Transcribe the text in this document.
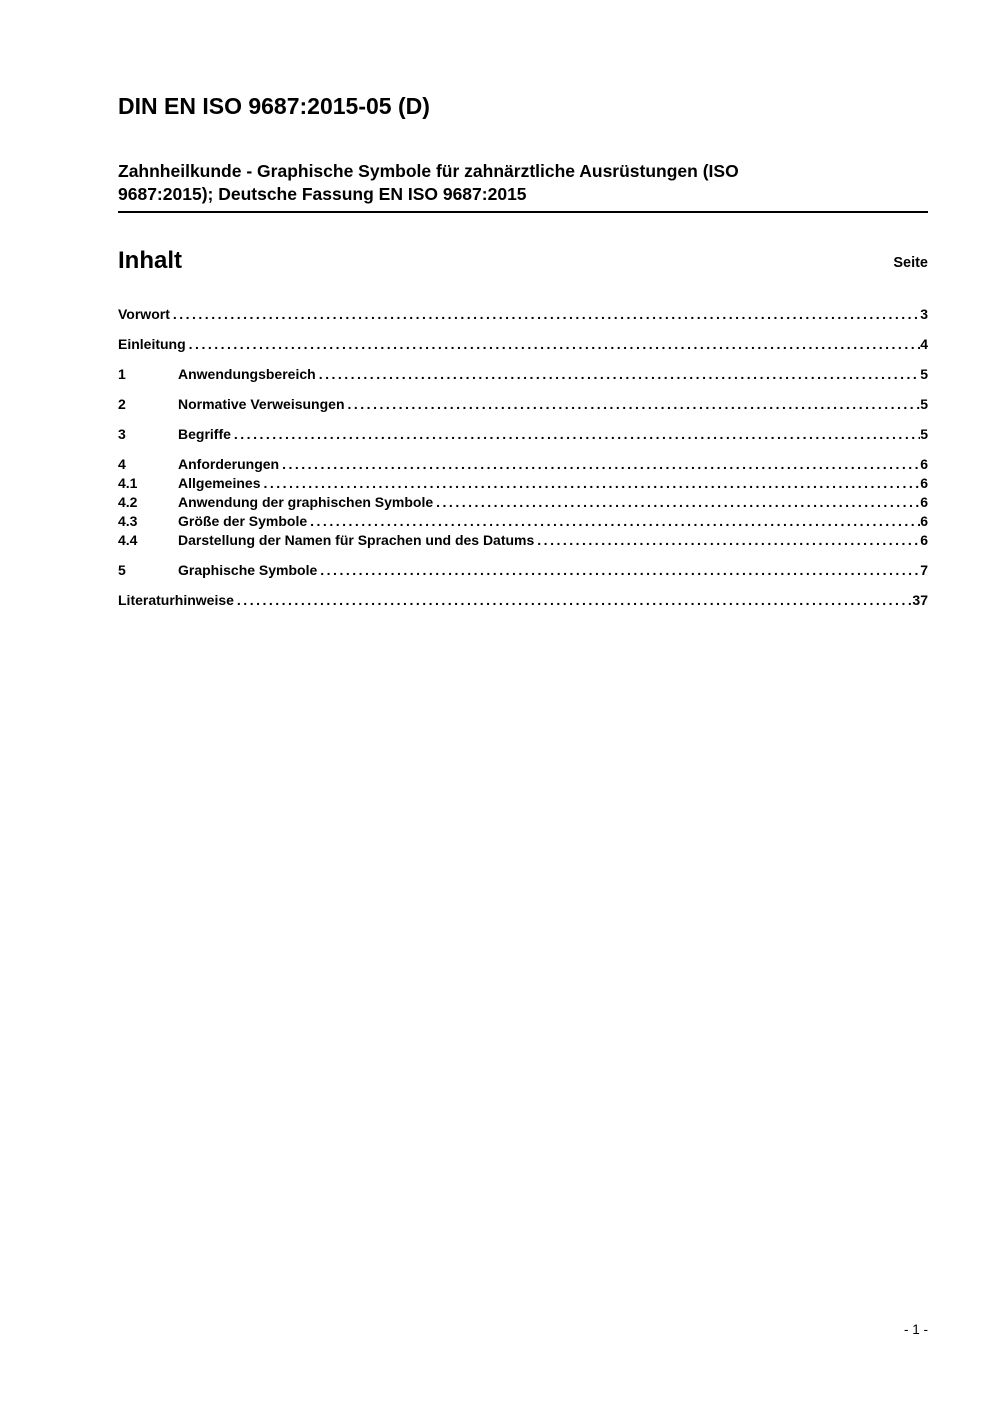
DIN EN ISO 9687:2015-05 (D)
Zahnheilkunde - Graphische Symbole für zahnärztliche Ausrüstungen (ISO
9687:2015); Deutsche Fassung EN ISO 9687:2015
Inhalt	Seite
Vorwort .....	3
Einleitung .....	4
1	Anwendungsbereich .....	5
2	Normative Verweisungen .....	5
3	Begriffe .....	5
4	Anforderungen .....	6
4.1	Allgemeines .....	6
4.2	Anwendung der graphischen Symbole .....	6
4.3	Größe der Symbole .....	6
4.4	Darstellung der Namen für Sprachen und des Datums .....	6
5	Graphische Symbole .....	7
Literaturhinweise .....	37
- 1 -
